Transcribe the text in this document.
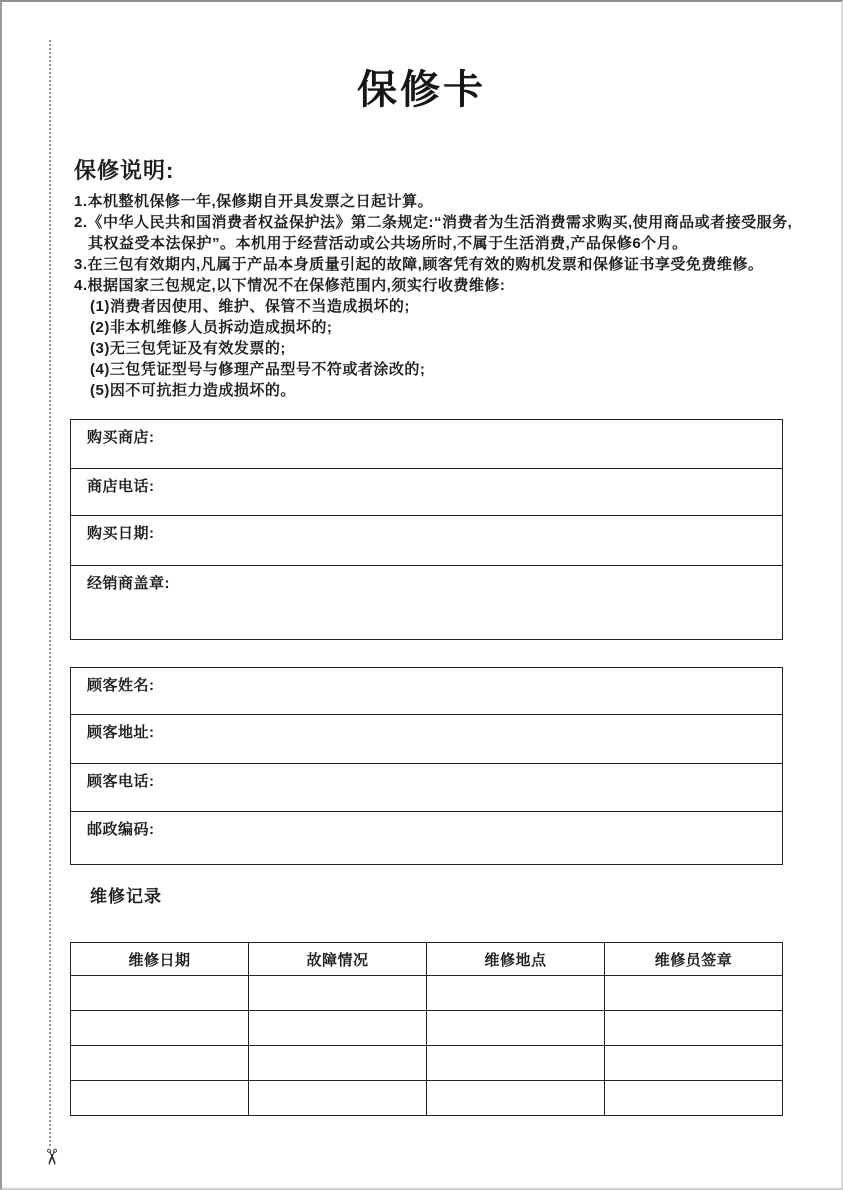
✂
保修卡
保修说明:
1.本机整机保修一年,保修期自开具发票之日起计算。
2.《中华人民共和国消费者权益保护法》第二条规定:“消费者为生活消费需求购买,使用商品或者接受服务,
其权益受本法保护”。本机用于经营活动或公共场所时,不属于生活消费,产品保修6个月。
3.在三包有效期内,凡属于产品本身质量引起的故障,顾客凭有效的购机发票和保修证书享受免费维修。
4.根据国家三包规定,以下情况不在保修范围内,须实行收费维修:
(1)消费者因使用、维护、保管不当造成损坏的;
(2)非本机维修人员拆动造成损坏的;
(3)无三包凭证及有效发票的;
(4)三包凭证型号与修理产品型号不符或者涂改的;
(5)因不可抗拒力造成损坏的。
购买商店:
商店电话:
购买日期:
经销商盖章:
顾客姓名:
顾客地址:
顾客电话:
邮政编码:
维修记录
维修日期	故障情况	维修地点	维修员签章
